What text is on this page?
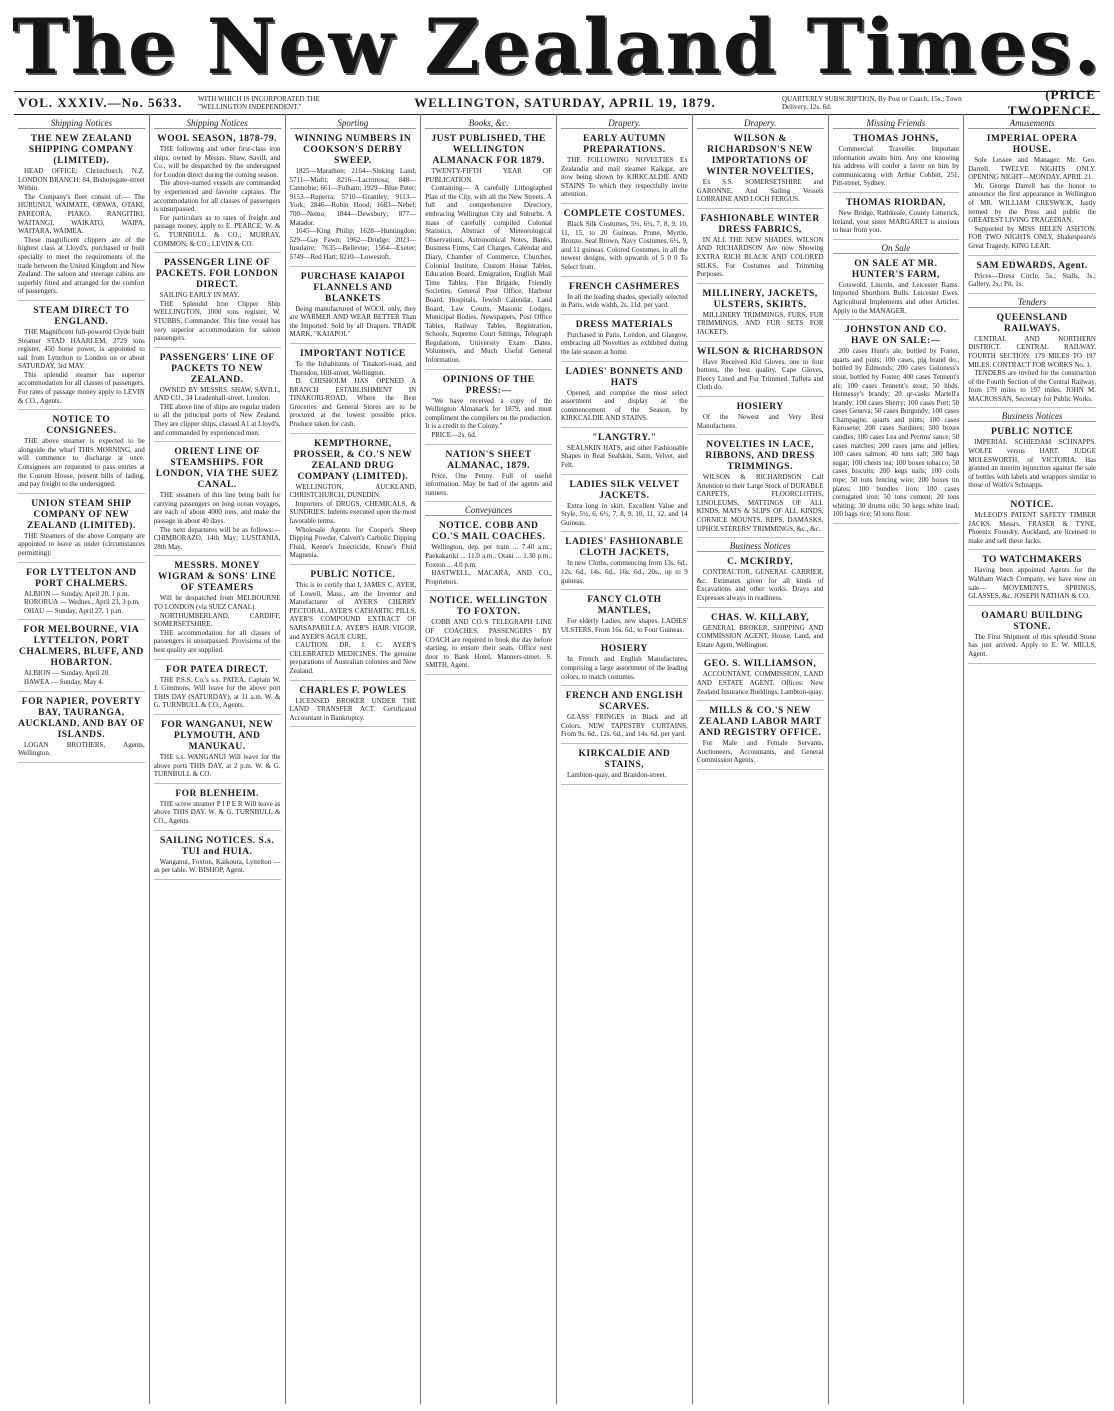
The New Zealand Times.
VOL. XXXIV.—No. 5633.	WITH WHICH IS INCORPORATED THE "WELLINGTON INDEPENDENT."	WELLINGTON, SATURDAY, APRIL 19, 1879.	QUARTERLY SUBSCRIPTION, By Post or Coach, 15s.; Town Delivery, 12s. 6d.
(PRICE TWOPENCE.
Shipping Notices
THE NEW ZEALAND SHIPPING COMPANY (LIMITED).

HEAD OFFICE: Christchurch, N.Z. LONDON BRANCH: 84, Bishopsgate-street Within.

The Company's fleet consist of:— The HURUNUI, WAIMATE, OPAWA, OTAKI, PAREORA, PIAKO, RANGITIKI, WAITANGI, WAIKATO, WAIPA, WAITARA, WAIMEA.

These magnificent clippers are of the highest class at Lloyd's, purchased or built specially to meet the requirements of the trade between the United Kingdom and New Zealand. The saloon and steerage cabins are superbly fitted and arranged for the comfort of passengers.

STEAM DIRECT TO ENGLAND.

THE Magnificent full-powered Clyde built Steamer STAD HAARLEM, 2729 tons register, 450 horse power, is appointed to sail from Lyttelton to London on or about SATURDAY, 3rd MAY.

This splendid steamer has superior accommodation for all classes of passengers. For rates of passage money apply to LEVIN & CO., Agents.

NOTICE TO CONSIGNEES.

THE above steamer is expected to be alongside the wharf THIS MORNING, and will commence to discharge at once. Consignees are requested to pass entries at the Custom House, present bills of lading, and pay freight to the undersigned.

UNION STEAM SHIP COMPANY OF NEW ZEALAND (LIMITED).

THE Steamers of the above Company are appointed to leave as under (circumstances permitting):

FOR LYTTELTON AND PORT CHALMERS.

ALBION — Sunday, April 20, 1 p.m.

RORORUA — Wednes., April 23, 3 p.m.

OHAU — Sunday, April 27, 1 p.m.

FOR MELBOURNE, VIA LYTTELTON, PORT CHALMERS, BLUFF, AND HOBARTON.

ALBION — Sunday, April 20.

HAWEA — Sunday, May 4.

FOR NAPIER, POVERTY BAY, TAURANGA, AUCKLAND, AND BAY OF ISLANDS.

LOGAN BROTHERS, Agents, Wellington.

Shipping Notices
WOOL SEASON, 1878-79.

THE following and other first-class iron ships, owned by Messrs. Shaw, Savill, and Co., will be despatched by the undersigned for London direct during the coming season.

The above-named vessels are commanded by experienced and favorite captains. The accommodation for all classes of passengers is unsurpassed.

For particulars as to rates of freight and passage money, apply to E. PEARCE; W. & G. TURNBULL & CO.; MURRAY, COMMON, & CO.; LEVIN & CO.

PASSENGER LINE OF PACKETS. FOR LONDON DIRECT.

SAILING EARLY IN MAY.

THE Splendid Iron Clipper Ship WELLINGTON, 1000 tons register, W. STUBBS, Commander. This fine vessel has very superior accommodation for saloon passengers.

PASSENGERS' LINE OF PACKETS TO NEW ZEALAND.

OWNED BY MESSRS. SHAW, SAVILL, AND CO., 34 Leadenhall-street, London.

THE above line of ships are regular traders to all the principal ports of New Zealand. They are clipper ships, classed A1 at Lloyd's, and commanded by experienced men.

ORIENT LINE OF STEAMSHIPS. FOR LONDON, VIA THE SUEZ CANAL.

THE steamers of this line being built for carrying passengers on long ocean voyages, are each of about 4000 tons, and make the passage in about 40 days.

The next departures will be as follows:— CHIMBORAZO, 14th May; LUSITANIA, 28th May.

MESSRS. MONEY WIGRAM & SONS' LINE OF STEAMERS

Will be despatched from MELBOURNE TO LONDON (via SUEZ CANAL).

NORTHUMBERLAND, CARDIFF, SOMERSETSHIRE.

THE accommodation for all classes of passengers is unsurpassed. Provisions of the best quality are supplied.

FOR PATEA DIRECT.

THE P.S.S. Co.'s s.s. PATEA, Captain W. J. Gimmons, Will leave for the above port THIS DAY (SATURDAY), at 11 a.m. W. & G. TURNBULL & CO., Agents.

FOR WANGANUI, NEW PLYMOUTH, AND MANUKAU.

THE s.s. WANGANUI Will leave for the above ports THIS DAY, at 2 p.m. W. & G. TURNBULL & CO.

FOR BLENHEIM.

THE screw steamer P I P E R Will leave as above THIS DAY. W. & G. TURNBULL & CO., Agents.

SAILING NOTICES. S.s. TUI and HUIA.

Wanganui, Foxton, Kaikoura, Lyttelton — as per table. W. BISHOP, Agent.

Sporting
WINNING NUMBERS IN COOKSON'S DERBY SWEEP.

1825—Marathon; 2164—Sinking Land; 5711—Mufti; 8216—Lacrimosa; 848—Cannobie; 661—Fulham; 1929—Blue Peter; 9153—Ruperra; 5710—Grantley; 9113—York; 2846—Robin Hood; 1683—Nebel; 700—Nemo; 1844—Dewsbury; 877—Matador.

1645—King Philip; 1628—Huntingdon; 529—Gay Fawn; 1962—Drudge; 2023—Insulaire; 7635—Bellevue; 1564—Exeter; 5749—Red Hart; 8210—Lowestoft.

PURCHASE KAIAPOI FLANNELS AND BLANKETS

Being manufactured of WOOL only, they are WARMER AND WEAR BETTER Than the Imported. Sold by all Drapers. TRADE MARK, "KAIAPOI."

IMPORTANT NOTICE

To the Inhabitants of Tinakori-road, and Thorndon, Hill-street, Wellington.

D. CHISHOLM HAS OPENED A BRANCH ESTABLISHMENT IN TINAKORI-ROAD, Where the Best Groceries and General Stores are to be procured at the lowest possible price. Produce taken for cash.

KEMPTHORNE, PROSSER, & CO.'S NEW ZEALAND DRUG COMPANY (LIMITED).

WELLINGTON, AUCKLAND, CHRISTCHURCH, DUNEDIN.

Importers of DRUGS, CHEMICALS, & SUNDRIES. Indents executed upon the most favorable terms.

Wholesale Agents for Cooper's Sheep Dipping Powder, Calvert's Carbolic Dipping Fluid, Keene's Insecticide, Kruse's Fluid Magnesia.

PUBLIC NOTICE.

This is to certify that I, JAMES C. AYER, of Lowell, Mass., am the Inventor and Manufacturer of AYER'S CHERRY PECTORAL, AYER'S CATHARTIC PILLS, AYER'S COMPOUND EXTRACT OF SARSAPARILLA, AYER'S HAIR VIGOR, and AYER'S AGUE CURE.

CAUTION. DR. J. C. AYER'S CELEBRATED MEDICINES. The genuine preparations of Australian colonies and New Zealand.

CHARLES F. POWLES

LICENSED BROKER UNDER THE LAND TRANSFER ACT. Certificated Accountant in Bankruptcy.

Books, &c.
JUST PUBLISHED, THE WELLINGTON ALMANACK FOR 1879.

TWENTY-FIFTH YEAR OF PUBLICATION.

Containing— A carefully Lithographed Plan of the City, with all the New Streets. A full and comprehensive Directory, embracing Wellington City and Suburbs. A mass of carefully compiled Colonial Statistics, Abstract of Meteorological Observations, Astronomical Notes, Banks, Business Firms, Cart Charges, Calendar and Diary, Chamber of Commerce, Churches, Colonial Institute, Custom House Tables, Education Board, Emigration, English Mail Time Tables, Fire Brigade, Friendly Societies, General Post Office, Harbour Board, Hospitals, Jewish Calendar, Land Board, Law Courts, Masonic Lodges, Municipal Bodies, Newspapers, Post Office Tables, Railway Tables, Registration, Schools, Supreme Court Sittings, Telegraph Regulations, University Exam Dates, Volunteers, and Much Useful General Information.

OPINIONS OF THE PRESS:—

"We have received a copy of the Wellington Almanack for 1879, and must compliment the compilers on the production. It is a credit to the Colony."

PRICE—2s. 6d.

NATION'S SHEET ALMANAC, 1879.

Price, One Penny. Full of useful information. May be had of the agents and runners.

Conveyances
NOTICE. COBB AND CO.'S MAIL COACHES.

Wellington, dep. per train ... 7.40 a.m.; Paekakariki ... 11.0 a.m.; Otaki ... 1.30 p.m.; Foxton ... 4.0 p.m.

HASTWELL, MACARA, AND CO., Proprietors.

NOTICE. WELLINGTON TO FOXTON.

COBB AND CO.'S TELEGRAPH LINE OF COACHES. PASSENGERS BY COACH are required to book the day before starting, to ensure their seats. Office next door to Bank Hotel, Manners-street. S. SMITH, Agent.

Drapery.
EARLY AUTUMN PREPARATIONS.

THE FOLLOWING NOVELTIES Ex Zealandia and mail steamer Kaikgar, are now being shown by KIRKCALDIE AND STAINS To which they respectfully invite attention.

COMPLETE COSTUMES.

Black Silk Costumes, 5½, 6½, 7, 8, 9, 10, 11, 15, to 20 Guineas. Prune, Myrtle, Bronze, Seal Brown, Navy Costumes, 6½, 9, and 11 guineas. Colored Costumes, in all the newest designs, with upwards of 5 0 0 To Select from.

FRENCH CASHMERES

In all the leading shades, specially selected in Paris, wide width, 2s. 11d. per yard.

DRESS MATERIALS

Purchased in Paris, London, and Glasgow, embracing all Novelties as exhibited during the late season at home.

LADIES' BONNETS AND HATS

Opened, and comprise the most select assortment and display at the commencement of the Season, by KIRKCALDIE AND STAINS.

"LANGTRY."

SEALSKIN HATS, and other Fashionable Shapes in Real Sealskin, Satin, Velvet, and Felt.

LADIES SILK VELVET JACKETS.

Extra long in skirt, Excellent Value and Style, 5½, 6, 6½, 7, 8, 9, 10, 11, 12, and 14 Guineas.

LADIES' FASHIONABLE CLOTH JACKETS,

In new Cloths, commencing from 13s. 6d., 12s. 6d., 14s. 6d., 16s. 6d., 20s., up to 9 guineas.

FANCY CLOTH MANTLES,

For elderly Ladies, new shapes. LADIES' ULSTERS, From 16s. 6d., to Four Guineas.

HOSIERY

In French and English Manufactures, comprising a large assortment of the leading colors, to match costumes.

FRENCH AND ENGLISH SCARVES.

GLASS FRINGES in Black and all Colors. NEW TAPESTRY CURTAINS, From 9s. 6d., 12s. 6d., and 14s. 6d. per yard.

KIRKCALDIE AND STAINS,

Lambton-quay, and Brandon-street.

Drapery.
WILSON & RICHARDSON'S NEW IMPORTATIONS OF WINTER NOVELTIES,

Ex S.S. SOMERSETSHIRE and GARONNE, And Sailing Vessels LORRAINE AND LOCH FERGUS.

FASHIONABLE WINTER DRESS FABRICS,

IN ALL THE NEW SHADES. WILSON AND RICHARDSON Are now Showing EXTRA RICH BLACK AND COLORED SILKS, For Costumes and Trimming Purposes.

MILLINERY, JACKETS, ULSTERS, SKIRTS,

MILLINERY TRIMMINGS, FURS, FUR TRIMMINGS, AND FUR SETS FOR JACKETS.

WILSON & RICHARDSON

Have Received Kid Gloves, one to four buttons, the best quality. Cape Gloves, Fleecy Lined and Fur Trimmed. Taffeta and Cloth do.

HOSIERY

Of the Newest and Very Best Manufactures.

NOVELTIES IN LACE, RIBBONS, AND DRESS TRIMMINGS.

WILSON & RICHARDSON Call Attention to their Large Stock of DURABLE CARPETS, FLOORCLOTHS, LINOLEUMS, MATTINGS OF ALL KINDS, MATS & SLIPS OF ALL KINDS, CORNICE MOUNTS, REPS, DAMASKS, UPHOLSTERERS' TRIMMINGS, &c., &c.

Business Notices
C. MCKIRDY,

CONTRACTOR, GENERAL CARRIER, &c. Estimates given for all kinds of Excavations and other works. Drays and Expresses always in readiness.

CHAS. W. KILLABY,

GENERAL BROKER, SHIPPING AND COMMISSION AGENT, House, Land, and Estate Agent, Wellington.

GEO. S. WILLIAMSON,

ACCOUNTANT, COMMISSION, LAND AND ESTATE AGENT. Offices: New Zealand Insurance Buildings, Lambton-quay.

MILLS & CO.'S NEW ZEALAND LABOR MART AND REGISTRY OFFICE.

For Male and Female Servants, Auctioneers, Accountants, and General Commission Agents.

Missing Friends
THOMAS JOHNS,

Commercial Traveller. Important information awaits him. Any one knowing his address will confer a favor on him by communicating with Arthur Cobbitt, 251, Pitt-street, Sydney.

THOMAS RIORDAN,

New Bridge, Rathkeale, County Limerick, Ireland, your sister MARGARET is anxious to hear from you.

On Sale
ON SALE AT MR. HUNTER'S FARM,

Cotswold, Lincoln, and Leicester Rams. Imported Shorthorn Bulls. Leicester Ewes. Agricultural Implements and other Articles. Apply to the MANAGER.

JOHNSTON AND CO. HAVE ON SALE:—

200 cases Hunt's ale, bottled by Foster, quarts and pints; 100 cases, pig brand do., bottled by Edmonds; 200 cases Guinness's stout, bottled by Foster; 400 cases Tennent's ale; 100 cases Tennent's stout; 50 hhds. Hennessy's brandy; 20 qr-casks Martell's brandy; 100 cases Sherry; 100 cases Port; 50 cases Geneva; 50 cases Burgundy; 100 cases Champagne, quarts and pints; 100 cases Kerosene; 200 cases Sardines; 500 boxes candles; 100 cases Lea and Perrins' sauce; 50 cases matches; 200 cases jams and jellies; 100 cases salmon; 40 tons salt; 500 bags sugar; 100 chests tea; 100 boxes tobacco; 50 cases biscuits; 200 kegs nails; 100 coils rope; 50 tons fencing wire; 200 boxes tin plates; 100 bundles iron; 100 cases corrugated iron; 50 tons cement; 20 tons whiting; 30 drums oils; 50 kegs white lead; 100 bags rice; 50 tons flour.

Amusements
IMPERIAL OPERA HOUSE.

Sole Lessee and Manager: Mr. Geo. Darrell. TWELVE NIGHTS ONLY. OPENING NIGHT—MONDAY, APRIL 21.

Mr. George Darrell has the honor to announce the first appearance in Wellington of MR. WILLIAM CRESWICK, Justly termed by the Press and public the GREATEST LIVING TRAGEDIAN.

Supported by MISS HELEN ASHTON. FOR TWO NIGHTS ONLY, Shakespeare's Great Tragedy, KING LEAR.

SAM EDWARDS, Agent.

Prices—Dress Circle, 5s.; Stalls, 3s.; Gallery, 2s.; Pit, 1s.

Tenders
QUEENSLAND RAILWAYS.

CENTRAL AND NORTHERN DISTRICT. CENTRAL RAILWAY. FOURTH SECTION: 179 MILES TO 197 MILES. CONTRACT FOR WORKS No. 1.

TENDERS are invited for the construction of the Fourth Section of the Central Railway, from 179 miles to 197 miles. JOHN M. MACROSSAN, Secretary for Public Works.

Business Notices
PUBLIC NOTICE

IMPERIAL SCHIEDAM SCHNAPPS. WOLFE versus HART. JUDGE MOLESWORTH, of VICTORIA. Has granted an interim injunction against the sale of bottles with labels and wrappers similar to those of Wolfe's Schnapps.

NOTICE.

McLEOD'S PATENT SAFETY TIMBER JACKS. Messrs. FRASER & TYNE, Phoenix Foundry, Auckland, are licensed to make and sell these Jacks.

TO WATCHMAKERS

Having been appointed Agents for the Waltham Watch Company, we have now on sale— MOVEMENTS, SPRINGS, GLASSES, &c. JOSEPH NATHAN & CO.

OAMARU BUILDING STONE.

The First Shipment of this splendid Stone has just arrived. Apply to E. W. MILLS, Agent.
